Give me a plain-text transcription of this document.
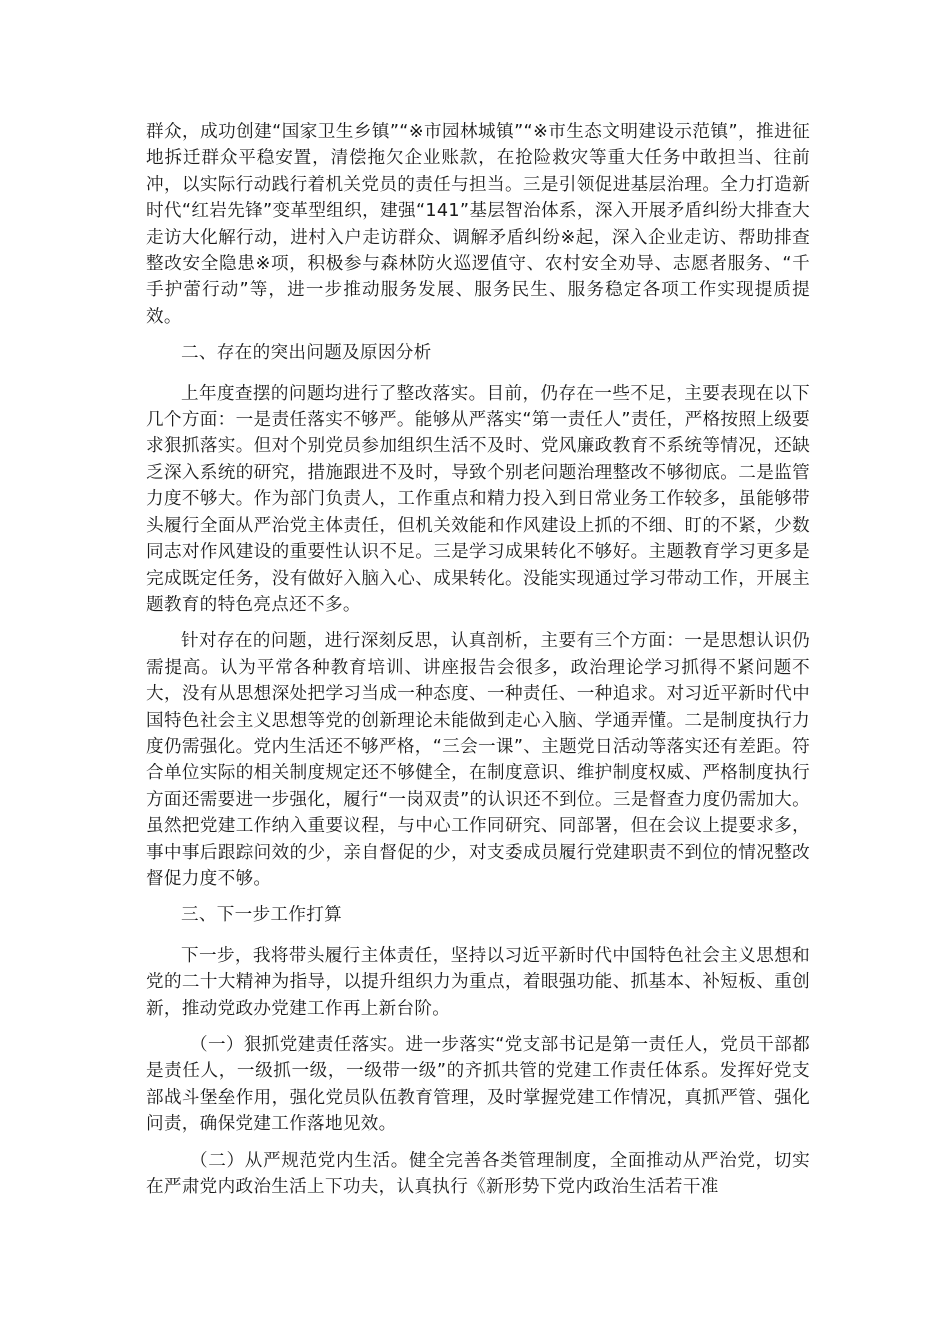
群众，成功创建“国家卫生乡镇”“※市园林城镇”“※市生态文明建设示范镇”，推进征地拆迁群众平稳安置，清偿拖欠企业账款，在抢险救灾等重大任务中敢担当、往前冲，以实际行动践行着机关党员的责任与担当。三是引领促进基层治理。全力打造新时代“红岩先锋”变革型组织，建强“141”基层智治体系，深入开展矛盾纠纷大排查大走访大化解行动，进村入户走访群众、调解矛盾纠纷※起，深入企业走访、帮助排查整改安全隐患※项，积极参与森林防火巡逻值守、农村安全劝导、志愿者服务、“千手护蕾行动”等，进一步推动服务发展、服务民生、服务稳定各项工作实现提质提效。

二、存在的突出问题及原因分析

上年度查摆的问题均进行了整改落实。目前，仍存在一些不足，主要表现在以下几个方面：一是责任落实不够严。能够从严落实“第一责任人”责任，严格按照上级要求狠抓落实。但对个别党员参加组织生活不及时、党风廉政教育不系统等情况，还缺乏深入系统的研究，措施跟进不及时，导致个别老问题治理整改不够彻底。二是监管力度不够大。作为部门负责人，工作重点和精力投入到日常业务工作较多，虽能够带头履行全面从严治党主体责任，但机关效能和作风建设上抓的不细、盯的不紧，少数同志对作风建设的重要性认识不足。三是学习成果转化不够好。主题教育学习更多是完成既定任务，没有做好入脑入心、成果转化。没能实现通过学习带动工作，开展主题教育的特色亮点还不多。

针对存在的问题，进行深刻反思，认真剖析，主要有三个方面：一是思想认识仍需提高。认为平常各种教育培训、讲座报告会很多，政治理论学习抓得不紧问题不大，没有从思想深处把学习当成一种态度、一种责任、一种追求。对习近平新时代中国特色社会主义思想等党的创新理论未能做到走心入脑、学通弄懂。二是制度执行力度仍需强化。党内生活还不够严格，“三会一课”、主题党日活动等落实还有差距。符合单位实际的相关制度规定还不够健全，在制度意识、维护制度权威、严格制度执行方面还需要进一步强化，履行“一岗双责”的认识还不到位。三是督查力度仍需加大。虽然把党建工作纳入重要议程，与中心工作同研究、同部署，但在会议上提要求多，事中事后跟踪问效的少，亲自督促的少，对支委成员履行党建职责不到位的情况整改督促力度不够。

三、下一步工作打算

下一步，我将带头履行主体责任，坚持以习近平新时代中国特色社会主义思想和党的二十大精神为指导，以提升组织力为重点，着眼强功能、抓基本、补短板、重创新，推动党政办党建工作再上新台阶。

（一）狠抓党建责任落实。进一步落实“党支部书记是第一责任人，党员干部都是责任人，一级抓一级，一级带一级”的齐抓共管的党建工作责任体系。发挥好党支部战斗堡垒作用，强化党员队伍教育管理，及时掌握党建工作情况，真抓严管、强化问责，确保党建工作落地见效。

（二）从严规范党内生活。健全完善各类管理制度，全面推动从严治党，切实在严肃党内政治生活上下功夫，认真执行《新形势下党内政治生活若干准
